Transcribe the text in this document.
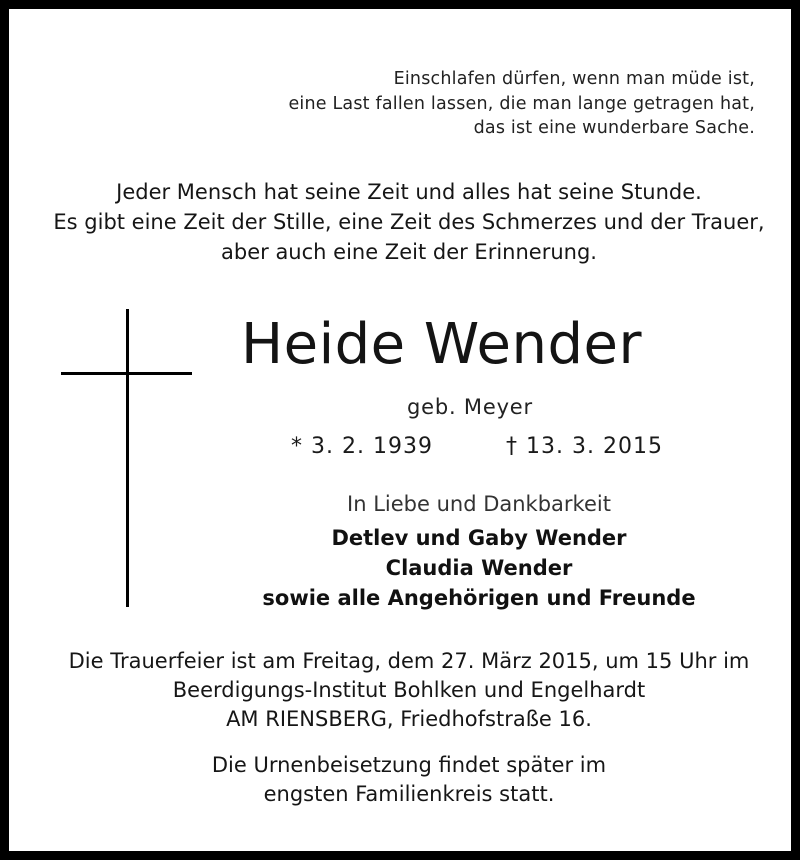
Einschlafen dürfen, wenn man müde ist,
eine Last fallen lassen, die man lange getragen hat,
das ist eine wunderbare Sache.
Jeder Mensch hat seine Zeit und alles hat seine Stunde.
Es gibt eine Zeit der Stille, eine Zeit des Schmerzes und der Trauer,
aber auch eine Zeit der Erinnerung.
Heide Wender
geb. Meyer
* 3. 2. 1939	† 13. 3. 2015
In Liebe und Dankbarkeit
Detlev und Gaby Wender
Claudia Wender
sowie alle Angehörigen und Freunde
Die Trauerfeier ist am Freitag, dem 27. März 2015, um 15 Uhr im
Beerdigungs-Institut Bohlken und Engelhardt
AM RIENSBERG, Friedhofstraße 16.
Die Urnenbeisetzung findet später im
engsten Familienkreis statt.
